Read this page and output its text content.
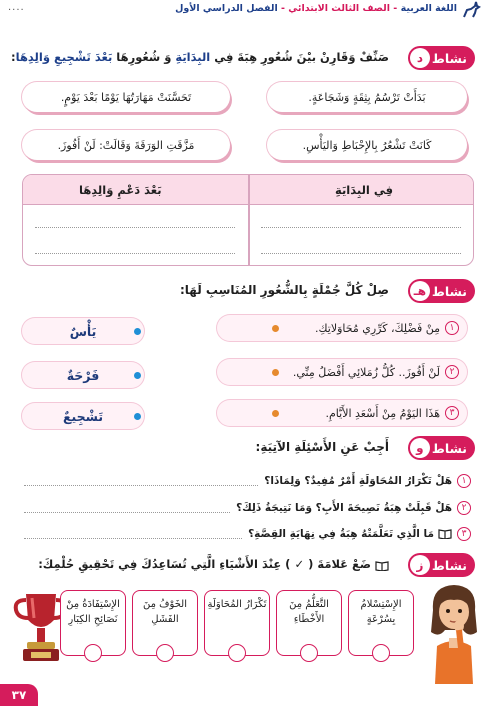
اللغة العربية - الصف الثالث الابتدائي - الفصل الدراسي الأول
....
نشاط
د
صَنِّفْ وَقَارِنْ بيْنَ شُعُورِ هِبَةَ فِي البِدَايَةِ وَ شُعُورِهَا بَعْدَ تَشْجِيعِ وَالِدِهَا:
بَدَأَتْ تَرْسُمُ بِثِقَةٍ وَشَجَاعَةٍ.
تَحَسَّنَتْ مَهَارَتُهَا يَوْمًا بَعْدَ يَوْمٍ.
كَانَتْ تَشْعُرُ بِالإِحْبَاطِ وَاليَأْسِ.
مَزَّقَتِ الوَرَقَةَ وَقَالَتْ: لَنْ أَفُوزَ.
فِي البِدَايَةِ
بَعْدَ دَعْمِ وَالِدِهَا
نشاط
هـ
صِلْ كُلَّ جُمْلَةٍ بِالشُّعُورِ المُنَاسِبِ لَهَا:
١
مِنْ فَضْلِكَ، كَرِّرِي مُحَاوَلاتِكِ.
٢
لَنْ أَفُوزَ.. كُلُّ زُمَلائِي أَفْضَلُ مِنِّي.
٣
هَذَا اليَوْمُ مِنْ أَسْعَدِ الأَيَّامِ.
يَأْسٌ
فَرْحَةٌ
تَشْجِيعٌ
نشاط
و
أَجِبْ عَنِ الأَسْئِلَةِ الآتِيَةِ:
١
هَلْ تَكْرَارُ المُحَاوَلَةِ أَمْرٌ مُفِيدٌ؟ وَلِمَاذَا؟
٢
هَلْ قَبِلَتْ هِبَةُ نَصِيحَةَ الأَبِ؟ وَمَا نَتِيجَةُ ذَلِكَ؟
٣
مَا الَّذِي تَعَلَّمَتْهُ هِبَةُ فِي نِهَايَةِ القِصَّةِ؟
نشاط
ز
ضَعْ عَلامَةَ ( ✓ ) عِنْدَ الأَشْيَاءِ الَّتِي تُسَاعِدُكَ فِي تَحْقِيقِ حُلْمِكَ:
الإِسْتِسْلامُ بِسُرْعَةٍ
التَّعَلُّمُ مِنَ الأَخْطَاءِ
تَكْرَارُ المُحَاوَلَةِ
الخَوْفُ مِنَ الفَشَلِ
الإِسْتِفَادَةُ مِنْ نَصَائِحِ الكِبَارِ
٣٧
